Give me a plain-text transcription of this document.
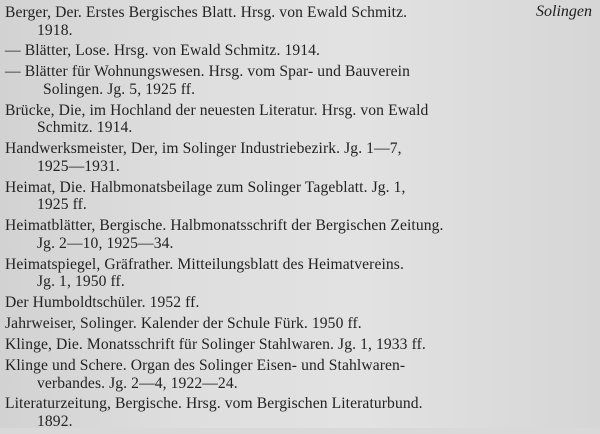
Solingen
Berger, Der. Erstes Bergisches Blatt. Hrsg. von Ewald Schmitz.
1918.
— Blätter, Lose. Hrsg. von Ewald Schmitz. 1914.
— Blätter für Wohnungswesen. Hrsg. vom Spar- und Bauverein
Solingen. Jg. 5, 1925 ff.
Brücke, Die, im Hochland der neuesten Literatur. Hrsg. von Ewald
Schmitz. 1914.
Handwerksmeister, Der, im Solinger Industriebezirk. Jg. 1—7,
1925—1931.
Heimat, Die. Halbmonatsbeilage zum Solinger Tageblatt. Jg. 1,
1925 ff.
Heimatblätter, Bergische. Halbmonatsschrift der Bergischen Zeitung.
Jg. 2—10, 1925—34.
Heimatspiegel, Gräfrather. Mitteilungsblatt des Heimatvereins.
Jg. 1, 1950 ff.
Der Humboldtschüler. 1952 ff.
Jahrweiser, Solinger. Kalender der Schule Fürk. 1950 ff.
Klinge, Die. Monatsschrift für Solinger Stahlwaren. Jg. 1, 1933 ff.
Klinge und Schere. Organ des Solinger Eisen- und Stahlwaren-
verbandes. Jg. 2—4, 1922—24.
Literaturzeitung, Bergische. Hrsg. vom Bergischen Literaturbund.
1892.
